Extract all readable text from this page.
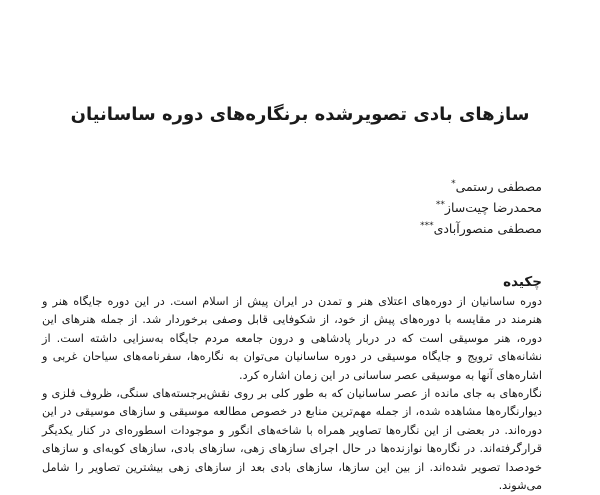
سازهای بادی تصویرشده برنگاره‌های دوره ساسانیان
مصطفی رستمی*
محمدرضا چیت‌ساز**
مصطفی منصورآبادی***
چکیده

دوره ساسانیان از دوره‌های اعتلای هنر و تمدن در ایران پیش از اسلام است. در این دوره جایگاه هنر و هنرمند در مقایسه با دوره‌های پیش از خود، از شکوفایی قابل وصفی برخوردار شد. از جمله هنرهای این دوره، هنر موسیقی است که در دربار پادشاهی و درون جامعه مردم جایگاه به‌سزایی داشته است. از نشانه‌های ترویج و جایگاه موسیقی در دوره ساسانیان می‌توان به نگاره‌ها، سفرنامه‌های سیاحان غربی و اشاره‌های آنها به موسیقی عصر ساسانی در این زمان اشاره کرد.

نگاره‌های به جای مانده از عصر ساسانیان که به طور کلی بر روی نقش‌برجسته‌های سنگی، ظروف فلزی و دیوارنگاره‌ها مشاهده شده، از جمله مهم‌ترین منابع در خصوص مطالعه موسیقی و سازهای موسیقی در این دوره‌اند. در بعضی از این نگاره‌ها تصاویر همراه با شاخه‌های انگور و موجودات اسطوره‌ای در کنار یکدیگر قرارگرفته‌اند. در نگاره‌ها نوازنده‌ها در حال اجرای سازهای زهی، سازهای بادی، سازهای کوبه‌ای و سازهای خودصدا تصویر شده‌اند. از بین این سازها، سازهای بادی بعد از سازهای زهی بیشترین تصاویر را شامل می‌شوند.
